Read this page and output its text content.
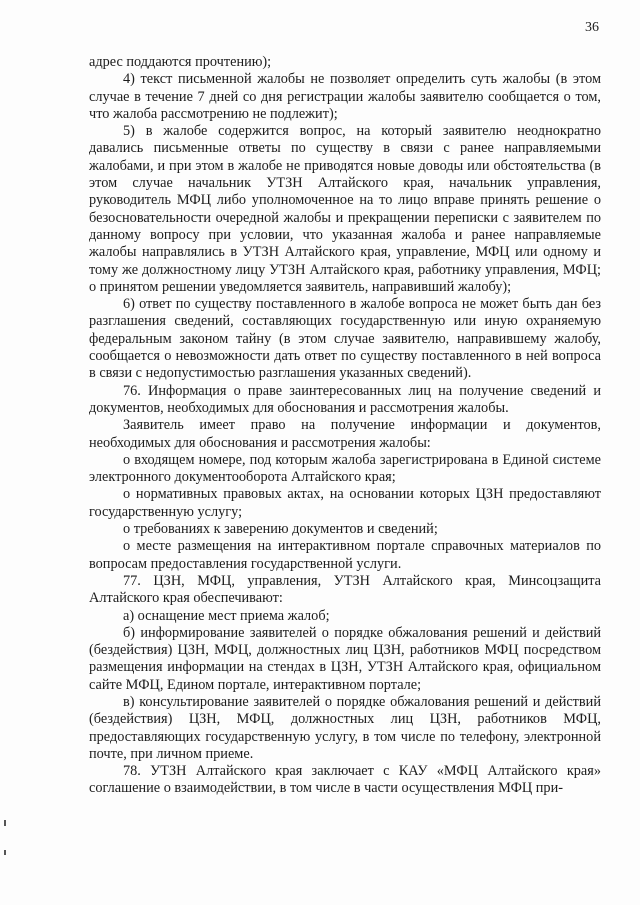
36

адрес поддаются прочтению);

4) текст письменной жалобы не позволяет определить суть жалобы (в этом случае в течение 7 дней со дня регистрации жалобы заявителю сообщается о том, что жалоба рассмотрению не подлежит);

5) в жалобе содержится вопрос, на который заявителю неоднократно давались письменные ответы по существу в связи с ранее направляемыми жалобами, и при этом в жалобе не приводятся новые доводы или обстоятельства (в этом случае начальник УТЗН Алтайского края, начальник управления, руководитель МФЦ либо уполномоченное на то лицо вправе принять решение о безосновательности очередной жалобы и прекращении переписки с заявителем по данному вопросу при условии, что указанная жалоба и ранее направляемые жалобы направлялись в УТЗН Алтайского края, управление, МФЦ или одному и тому же должностному лицу УТЗН Алтайского края, работнику управления, МФЦ; о принятом решении уведомляется заявитель, направивший жалобу);

6) ответ по существу поставленного в жалобе вопроса не может быть дан без разглашения сведений, составляющих государственную или иную охраняемую федеральным законом тайну (в этом случае заявителю, направившему жалобу, сообщается о невозможности дать ответ по существу поставленного в ней вопроса в связи с недопустимостью разглашения указанных сведений).

76. Информация о праве заинтересованных лиц на получение сведений и документов, необходимых для обоснования и рассмотрения жалобы.

Заявитель имеет право на получение информации и документов, необходимых для обоснования и рассмотрения жалобы:

о входящем номере, под которым жалоба зарегистрирована в Единой системе электронного документооборота Алтайского края;

о нормативных правовых актах, на основании которых ЦЗН предоставляют государственную услугу;

о требованиях к заверению документов и сведений;

о месте размещения на интерактивном портале справочных материалов по вопросам предоставления государственной услуги.

77. ЦЗН, МФЦ, управления, УТЗН Алтайского края, Минсоцзащита Алтайского края обеспечивают:

а) оснащение мест приема жалоб;

б) информирование заявителей о порядке обжалования решений и действий (бездействия) ЦЗН, МФЦ, должностных лиц ЦЗН, работников МФЦ посредством размещения информации на стендах в ЦЗН, УТЗН Алтайского края, официальном сайте МФЦ, Едином портале, интерактивном портале;

в) консультирование заявителей о порядке обжалования решений и действий (бездействия) ЦЗН, МФЦ, должностных лиц ЦЗН, работников МФЦ, предоставляющих государственную услугу, в том числе по телефону, электронной почте, при личном приеме.

78. УТЗН Алтайского края заключает с КАУ «МФЦ Алтайского края» соглашение о взаимодействии, в том числе в части осуществления МФЦ при-
